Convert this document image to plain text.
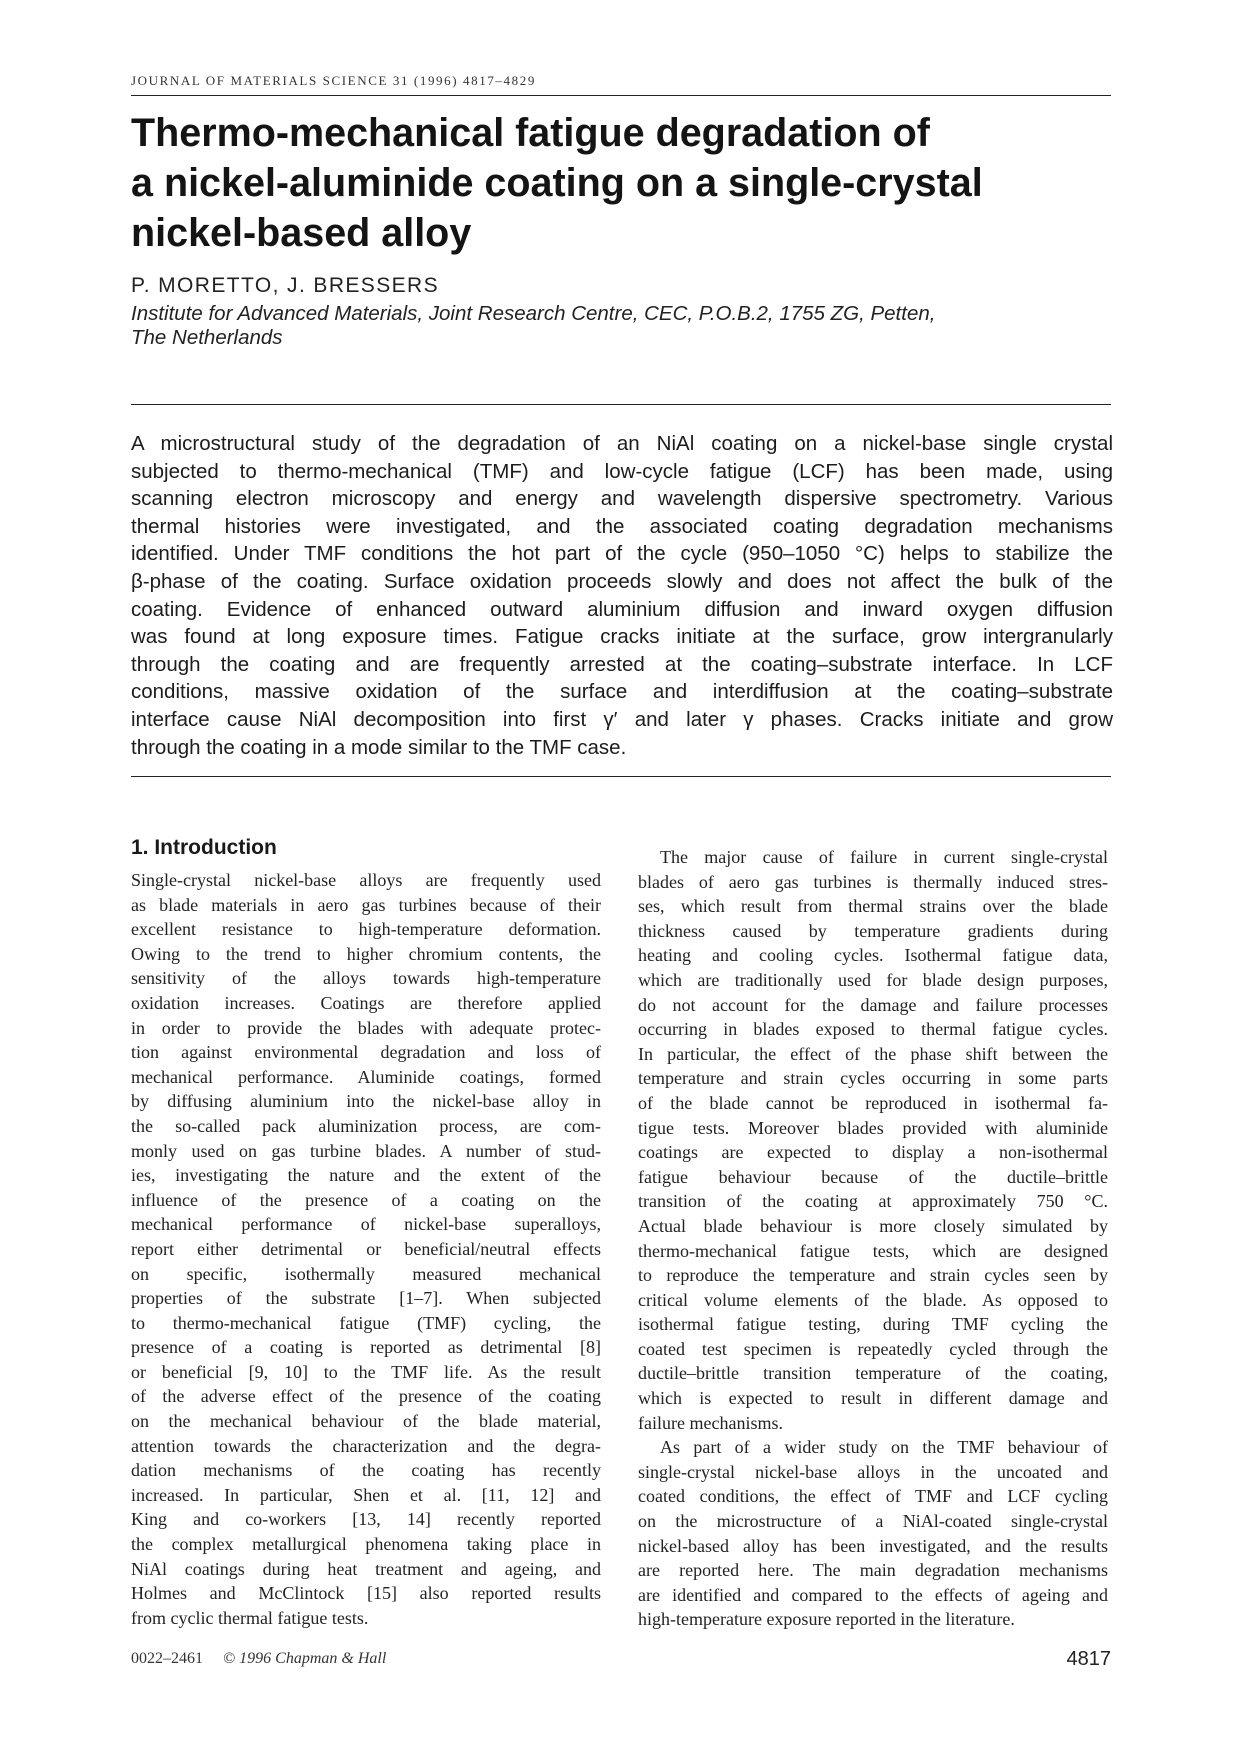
JOURNAL OF MATERIALS SCIENCE 31 (1996) 4817–4829
Thermo-mechanical fatigue degradation of
a nickel-aluminide coating on a single-crystal
nickel-based alloy

P. MORETTO, J. BRESSERS

Institute for Advanced Materials, Joint Research Centre, CEC, P.O.B.2, 1755 ZG, Petten,
The Netherlands

A microstructural study of the degradation of an NiAl coating on a nickel-base single crystal
subjected to thermo-mechanical (TMF) and low-cycle fatigue (LCF) has been made, using
scanning electron microscopy and energy and wavelength dispersive spectrometry. Various
thermal histories were investigated, and the associated coating degradation mechanisms
identified. Under TMF conditions the hot part of the cycle (950–1050 °C) helps to stabilize the
β-phase of the coating. Surface oxidation proceeds slowly and does not affect the bulk of the
coating. Evidence of enhanced outward aluminium diffusion and inward oxygen diffusion
was found at long exposure times. Fatigue cracks initiate at the surface, grow intergranularly
through the coating and are frequently arrested at the coating–substrate interface. In LCF
conditions, massive oxidation of the surface and interdiffusion at the coating–substrate
interface cause NiAl decomposition into first γ′ and later γ phases. Cracks initiate and grow
through the coating in a mode similar to the TMF case.

1. Introduction
Single-crystal nickel-base alloys are frequently used
as blade materials in aero gas turbines because of their
excellent resistance to high-temperature deformation.
Owing to the trend to higher chromium contents, the
sensitivity of the alloys towards high-temperature
oxidation increases. Coatings are therefore applied
in order to provide the blades with adequate protec-
tion against environmental degradation and loss of
mechanical performance. Aluminide coatings, formed
by diffusing aluminium into the nickel-base alloy in
the so-called pack aluminization process, are com-
monly used on gas turbine blades. A number of stud-
ies, investigating the nature and the extent of the
influence of the presence of a coating on the
mechanical performance of nickel-base superalloys,
report either detrimental or beneficial/neutral effects
on specific, isothermally measured mechanical
properties of the substrate [1–7]. When subjected
to thermo-mechanical fatigue (TMF) cycling, the
presence of a coating is reported as detrimental [8]
or beneficial [9, 10] to the TMF life. As the result
of the adverse effect of the presence of the coating
on the mechanical behaviour of the blade material,
attention towards the characterization and the degra-
dation mechanisms of the coating has recently
increased. In particular, Shen et al. [11, 12] and
King and co-workers [13, 14] recently reported
the complex metallurgical phenomena taking place in
NiAl coatings during heat treatment and ageing, and
Holmes and McClintock [15] also reported results
from cyclic thermal fatigue tests.
The major cause of failure in current single-crystal
blades of aero gas turbines is thermally induced stres-
ses, which result from thermal strains over the blade
thickness caused by temperature gradients during
heating and cooling cycles. Isothermal fatigue data,
which are traditionally used for blade design purposes,
do not account for the damage and failure processes
occurring in blades exposed to thermal fatigue cycles.
In particular, the effect of the phase shift between the
temperature and strain cycles occurring in some parts
of the blade cannot be reproduced in isothermal fa-
tigue tests. Moreover blades provided with aluminide
coatings are expected to display a non-isothermal
fatigue behaviour because of the ductile–brittle
transition of the coating at approximately 750 °C.
Actual blade behaviour is more closely simulated by
thermo-mechanical fatigue tests, which are designed
to reproduce the temperature and strain cycles seen by
critical volume elements of the blade. As opposed to
isothermal fatigue testing, during TMF cycling the
coated test specimen is repeatedly cycled through the
ductile–brittle transition temperature of the coating,
which is expected to result in different damage and
failure mechanisms.
As part of a wider study on the TMF behaviour of
single-crystal nickel-base alloys in the uncoated and
coated conditions, the effect of TMF and LCF cycling
on the microstructure of a NiAl-coated single-crystal
nickel-based alloy has been investigated, and the results
are reported here. The main degradation mechanisms
are identified and compared to the effects of ageing and
high-temperature exposure reported in the literature.
0022–2461 © 1996 Chapman & Hall	4817
